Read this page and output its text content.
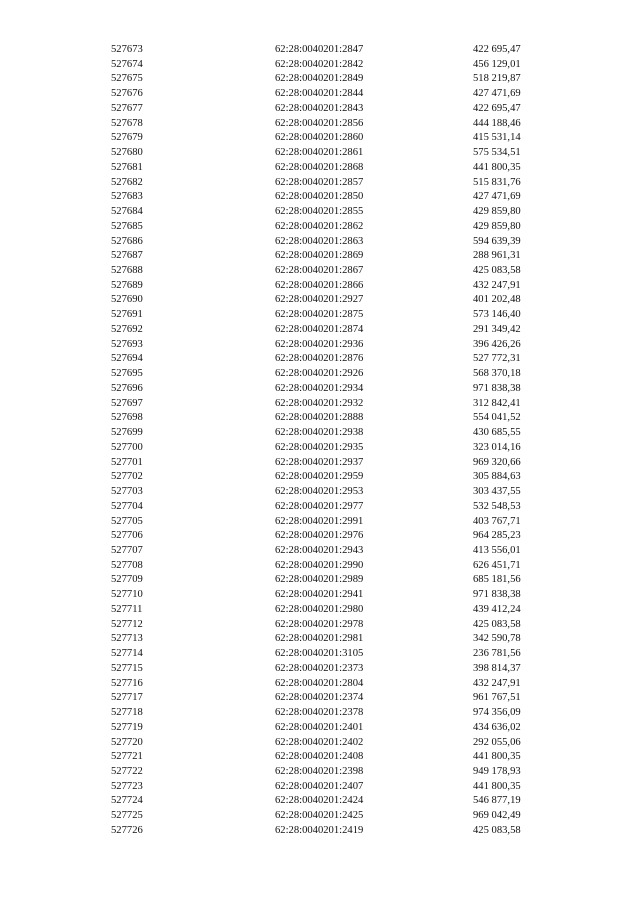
527673	62:28:0040201:2847	422 695,47
527674	62:28:0040201:2842	456 129,01
527675	62:28:0040201:2849	518 219,87
527676	62:28:0040201:2844	427 471,69
527677	62:28:0040201:2843	422 695,47
527678	62:28:0040201:2856	444 188,46
527679	62:28:0040201:2860	415 531,14
527680	62:28:0040201:2861	575 534,51
527681	62:28:0040201:2868	441 800,35
527682	62:28:0040201:2857	515 831,76
527683	62:28:0040201:2850	427 471,69
527684	62:28:0040201:2855	429 859,80
527685	62:28:0040201:2862	429 859,80
527686	62:28:0040201:2863	594 639,39
527687	62:28:0040201:2869	288 961,31
527688	62:28:0040201:2867	425 083,58
527689	62:28:0040201:2866	432 247,91
527690	62:28:0040201:2927	401 202,48
527691	62:28:0040201:2875	573 146,40
527692	62:28:0040201:2874	291 349,42
527693	62:28:0040201:2936	396 426,26
527694	62:28:0040201:2876	527 772,31
527695	62:28:0040201:2926	568 370,18
527696	62:28:0040201:2934	971 838,38
527697	62:28:0040201:2932	312 842,41
527698	62:28:0040201:2888	554 041,52
527699	62:28:0040201:2938	430 685,55
527700	62:28:0040201:2935	323 014,16
527701	62:28:0040201:2937	969 320,66
527702	62:28:0040201:2959	305 884,63
527703	62:28:0040201:2953	303 437,55
527704	62:28:0040201:2977	532 548,53
527705	62:28:0040201:2991	403 767,71
527706	62:28:0040201:2976	964 285,23
527707	62:28:0040201:2943	413 556,01
527708	62:28:0040201:2990	626 451,71
527709	62:28:0040201:2989	685 181,56
527710	62:28:0040201:2941	971 838,38
527711	62:28:0040201:2980	439 412,24
527712	62:28:0040201:2978	425 083,58
527713	62:28:0040201:2981	342 590,78
527714	62:28:0040201:3105	236 781,56
527715	62:28:0040201:2373	398 814,37
527716	62:28:0040201:2804	432 247,91
527717	62:28:0040201:2374	961 767,51
527718	62:28:0040201:2378	974 356,09
527719	62:28:0040201:2401	434 636,02
527720	62:28:0040201:2402	292 055,06
527721	62:28:0040201:2408	441 800,35
527722	62:28:0040201:2398	949 178,93
527723	62:28:0040201:2407	441 800,35
527724	62:28:0040201:2424	546 877,19
527725	62:28:0040201:2425	969 042,49
527726	62:28:0040201:2419	425 083,58
